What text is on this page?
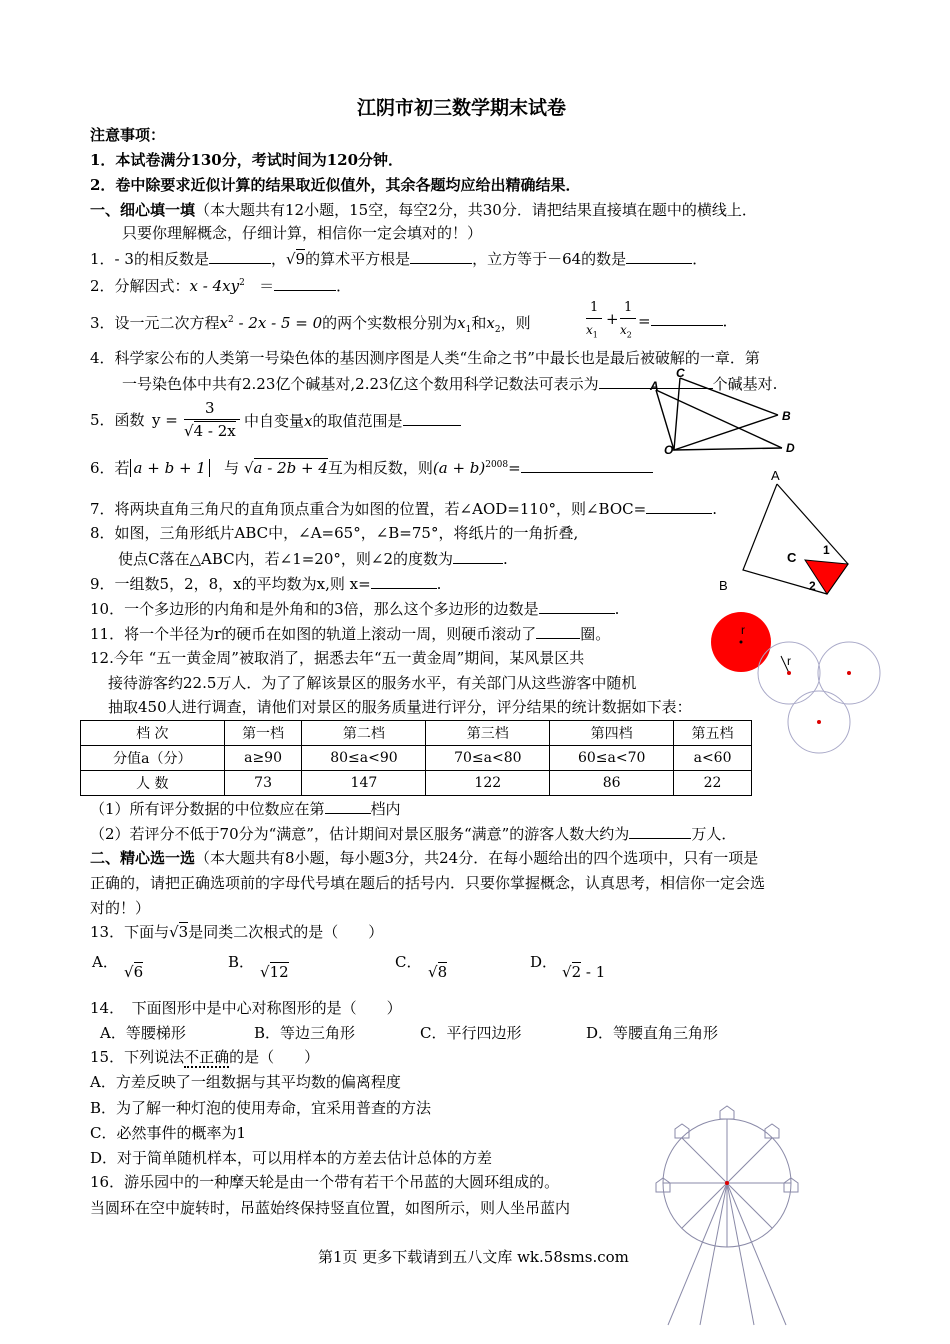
江阴市初三数学期末试卷
注意事项：
1．本试卷满分130分，考试时间为120分钟．
2．卷中除要求近似计算的结果取近似值外，其余各题均应给出精确结果．
一、细心填一填（本大题共有12小题，15空，每空2分，共30分．请把结果直接填在题中的横线上．
只要你理解概念，仔细计算，相信你一定会填对的！）
1．- 3的相反数是	，√9的算术平方根是	，立方等于－64的数是	．
2．分解因式：x - $4xy^2$ ＝	．
3．设一元二次方程$x^2 - 2x - 5 = 0$的两个实数根分别为$x_1$和$x_2$，则
1
$x_1$
+
1
$x_2$
=	．
4．科学家公布的人类第一号染色体的基因测序图是人类“生命之书”中最长也是最后被破解的一章．第
一号染色体中共有2.23亿个碱基对,2.23亿这个数用科学记数法可表示为	个碱基对.
5．函数 y =
3
√4 - 2x
中自变量x的取值范围是
6．若 a + b + 1 与 √a - 2b + 4互为相反数，则$(a + b)^{2008}=$
7．将两块直角三角尺的直角顶点重合为如图的位置，若∠AOD=110°，则∠BOC=	.
8．如图，三角形纸片ABC中，∠A=65°，∠B=75°，将纸片的一角折叠,
使点C落在△ABC内，若∠1=20°，则∠2的度数为	.
9．一组数5，2，8，x的平均数为x,则 x=	.
10．一个多边形的内角和是外角和的3倍，那么这个多边形的边数是	.
11．将一个半径为r的硬币在如图的轨道上滚动一周，则硬币滚动了	圈。
12.今年 “五一黄金周”被取消了，据悉去年“五一黄金周”期间，某风景区共
接待游客约22.5万人．为了了解该景区的服务水平，有关部门从这些游客中随机
抽取450人进行调查，请他们对景区的服务质量进行评分，评分结果的统计数据如下表：
档 次	第一档	第二档	第三档	第四档	第五档
分值a（分）	a≥90	80≤a<90	70≤a<80	60≤a<70	a<60
人 数	73	147	122	86	22
（1）所有评分数据的中位数应在第	档内
（2）若评分不低于70分为“满意”，估计期间对景区服务“满意”的游客人数大约为	万人．
二、精心选一选（本大题共有8小题，每小题3分，共24分．在每小题给出的四个选项中，只有一项是
正确的，请把正确选项前的字母代号填在题后的括号内．只要你掌握概念，认真思考，相信你一定会选
对的！）
13．下面与√3是同类二次根式的是（　　）
A．
√6
B．
√12
C．
√8
D．
√2 - 1
14．　下面图形中是中心对称图形的是（　　）
A．等腰梯形	B．等边三角形	C．平行四边形	D．等腰直角三角形
15．下列说法不正确的是（　　）
A．方差反映了一组数据与其平均数的偏离程度
B．为了解一种灯泡的使用寿命，宜采用普查的方法
C．必然事件的概率为1
D．对于简单随机样本，可以用样本的方差去估计总体的方差
16．游乐园中的一种摩天轮是由一个带有若干个吊蓝的大圆环组成的。
当圆环在空中旋转时，吊蓝始终保持竖直位置，如图所示，则人坐吊蓝内
第1页 更多下载请到五八文库 wk.58sms.com
A
C
B
O	D
A
C
B
1
2
r
r
